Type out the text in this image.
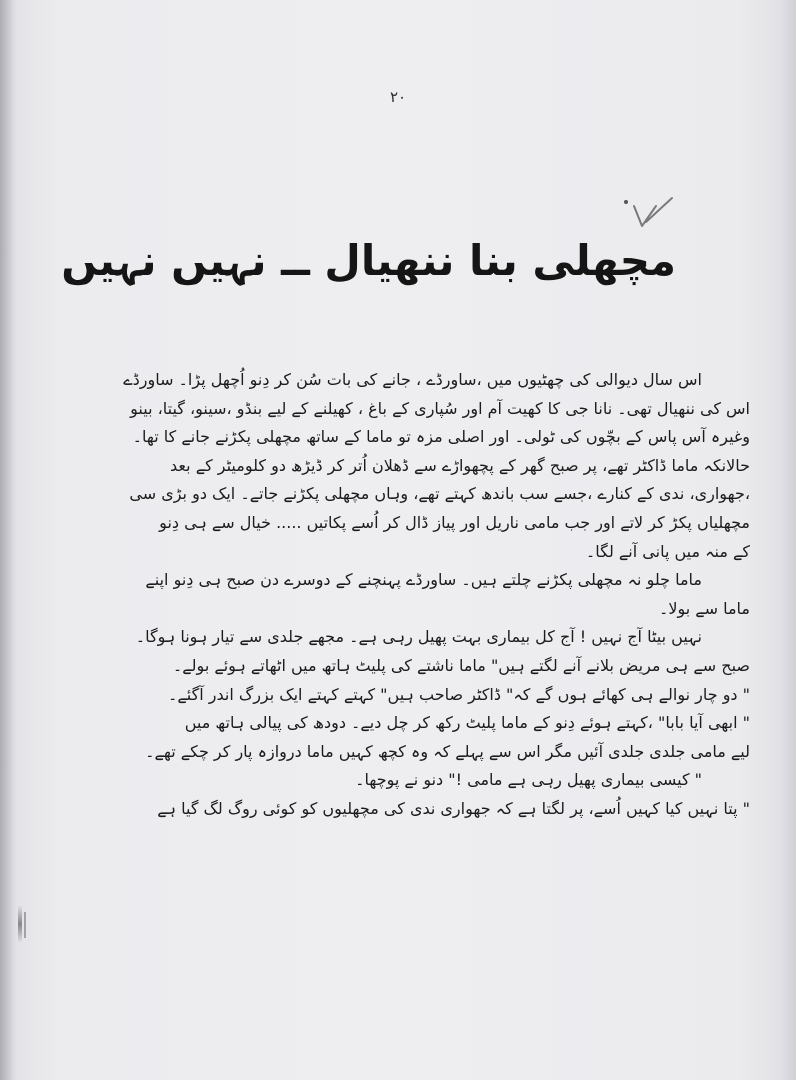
۲۰
مچھلی بنا ننھیال ــ نہیں نہیں
اس سال دیوالی کی چھٹیوں میں ،ساورڈے ، جانے کی بات سُن کر دِنو اُچھل پڑا۔ ساورڈے
اس کی ننھیال تھی۔ نانا جی کا کھیت آم اور سُپاری کے باغ ، کھیلنے کے لیے بنڈو ،سینو، گیتا، بینو
وغیرہ آس پاس کے بچّوں کی ٹولی۔ اور اصلی مزہ تو ماما کے ساتھ مچھلی پکڑنے جانے کا تھا۔
حالانکہ ماما ڈاکٹر تھے، پر صبح گھر کے پچھواڑے سے ڈھلان اُتر کر ڈیڑھ دو کلومیٹر کے بعد
،جھواری، ندی کے کنارے ،جسے سب باندھ کہتے تھے، وہاں مچھلی پکڑنے جاتے۔ ایک دو بڑی سی
مچھلیاں پکڑ کر لاتے اور جب مامی ناریل اور پیاز ڈال کر اُسے پکاتیں ..... خیال سے ہی دِنو
کے منہ میں پانی آنے لگا۔
ماما چلو نہ مچھلی پکڑنے چلتے ہیں۔ ساورڈے پہنچنے کے دوسرے دن صبح ہی دِنو اپنے
ماما سے بولا۔
نہیں بیٹا آج نہیں ! آج کل بیماری بہت پھیل رہی ہے۔ مجھے جلدی سے تیار ہونا ہوگا۔
صبح سے ہی مریض بلانے آنے لگتے ہیں" ماما ناشتے کی پلیٹ ہاتھ میں اٹھاتے ہوئے بولے۔
" دو چار نوالے ہی کھائے ہوں گے کہ" ڈاکٹر صاحب ہیں" کہتے کہتے ایک بزرگ اندر آگئے۔
" ابھی آیا بابا" ،کہتے ہوئے دِنو کے ماما پلیٹ رکھ کر چل دیے۔ دودھ کی پیالی ہاتھ میں
لیے مامی جلدی جلدی آئیں مگر اس سے پہلے کہ وہ کچھ کہیں ماما دروازہ پار کر چکے تھے۔
" کیسی بیماری پھیل رہی ہے مامی !" دنو نے پوچھا۔
" پتا نہیں کیا کہیں اُسے، پر لگتا ہے کہ جھواری ندی کی مچھلیوں کو کوئی روگ لگ گیا ہے
